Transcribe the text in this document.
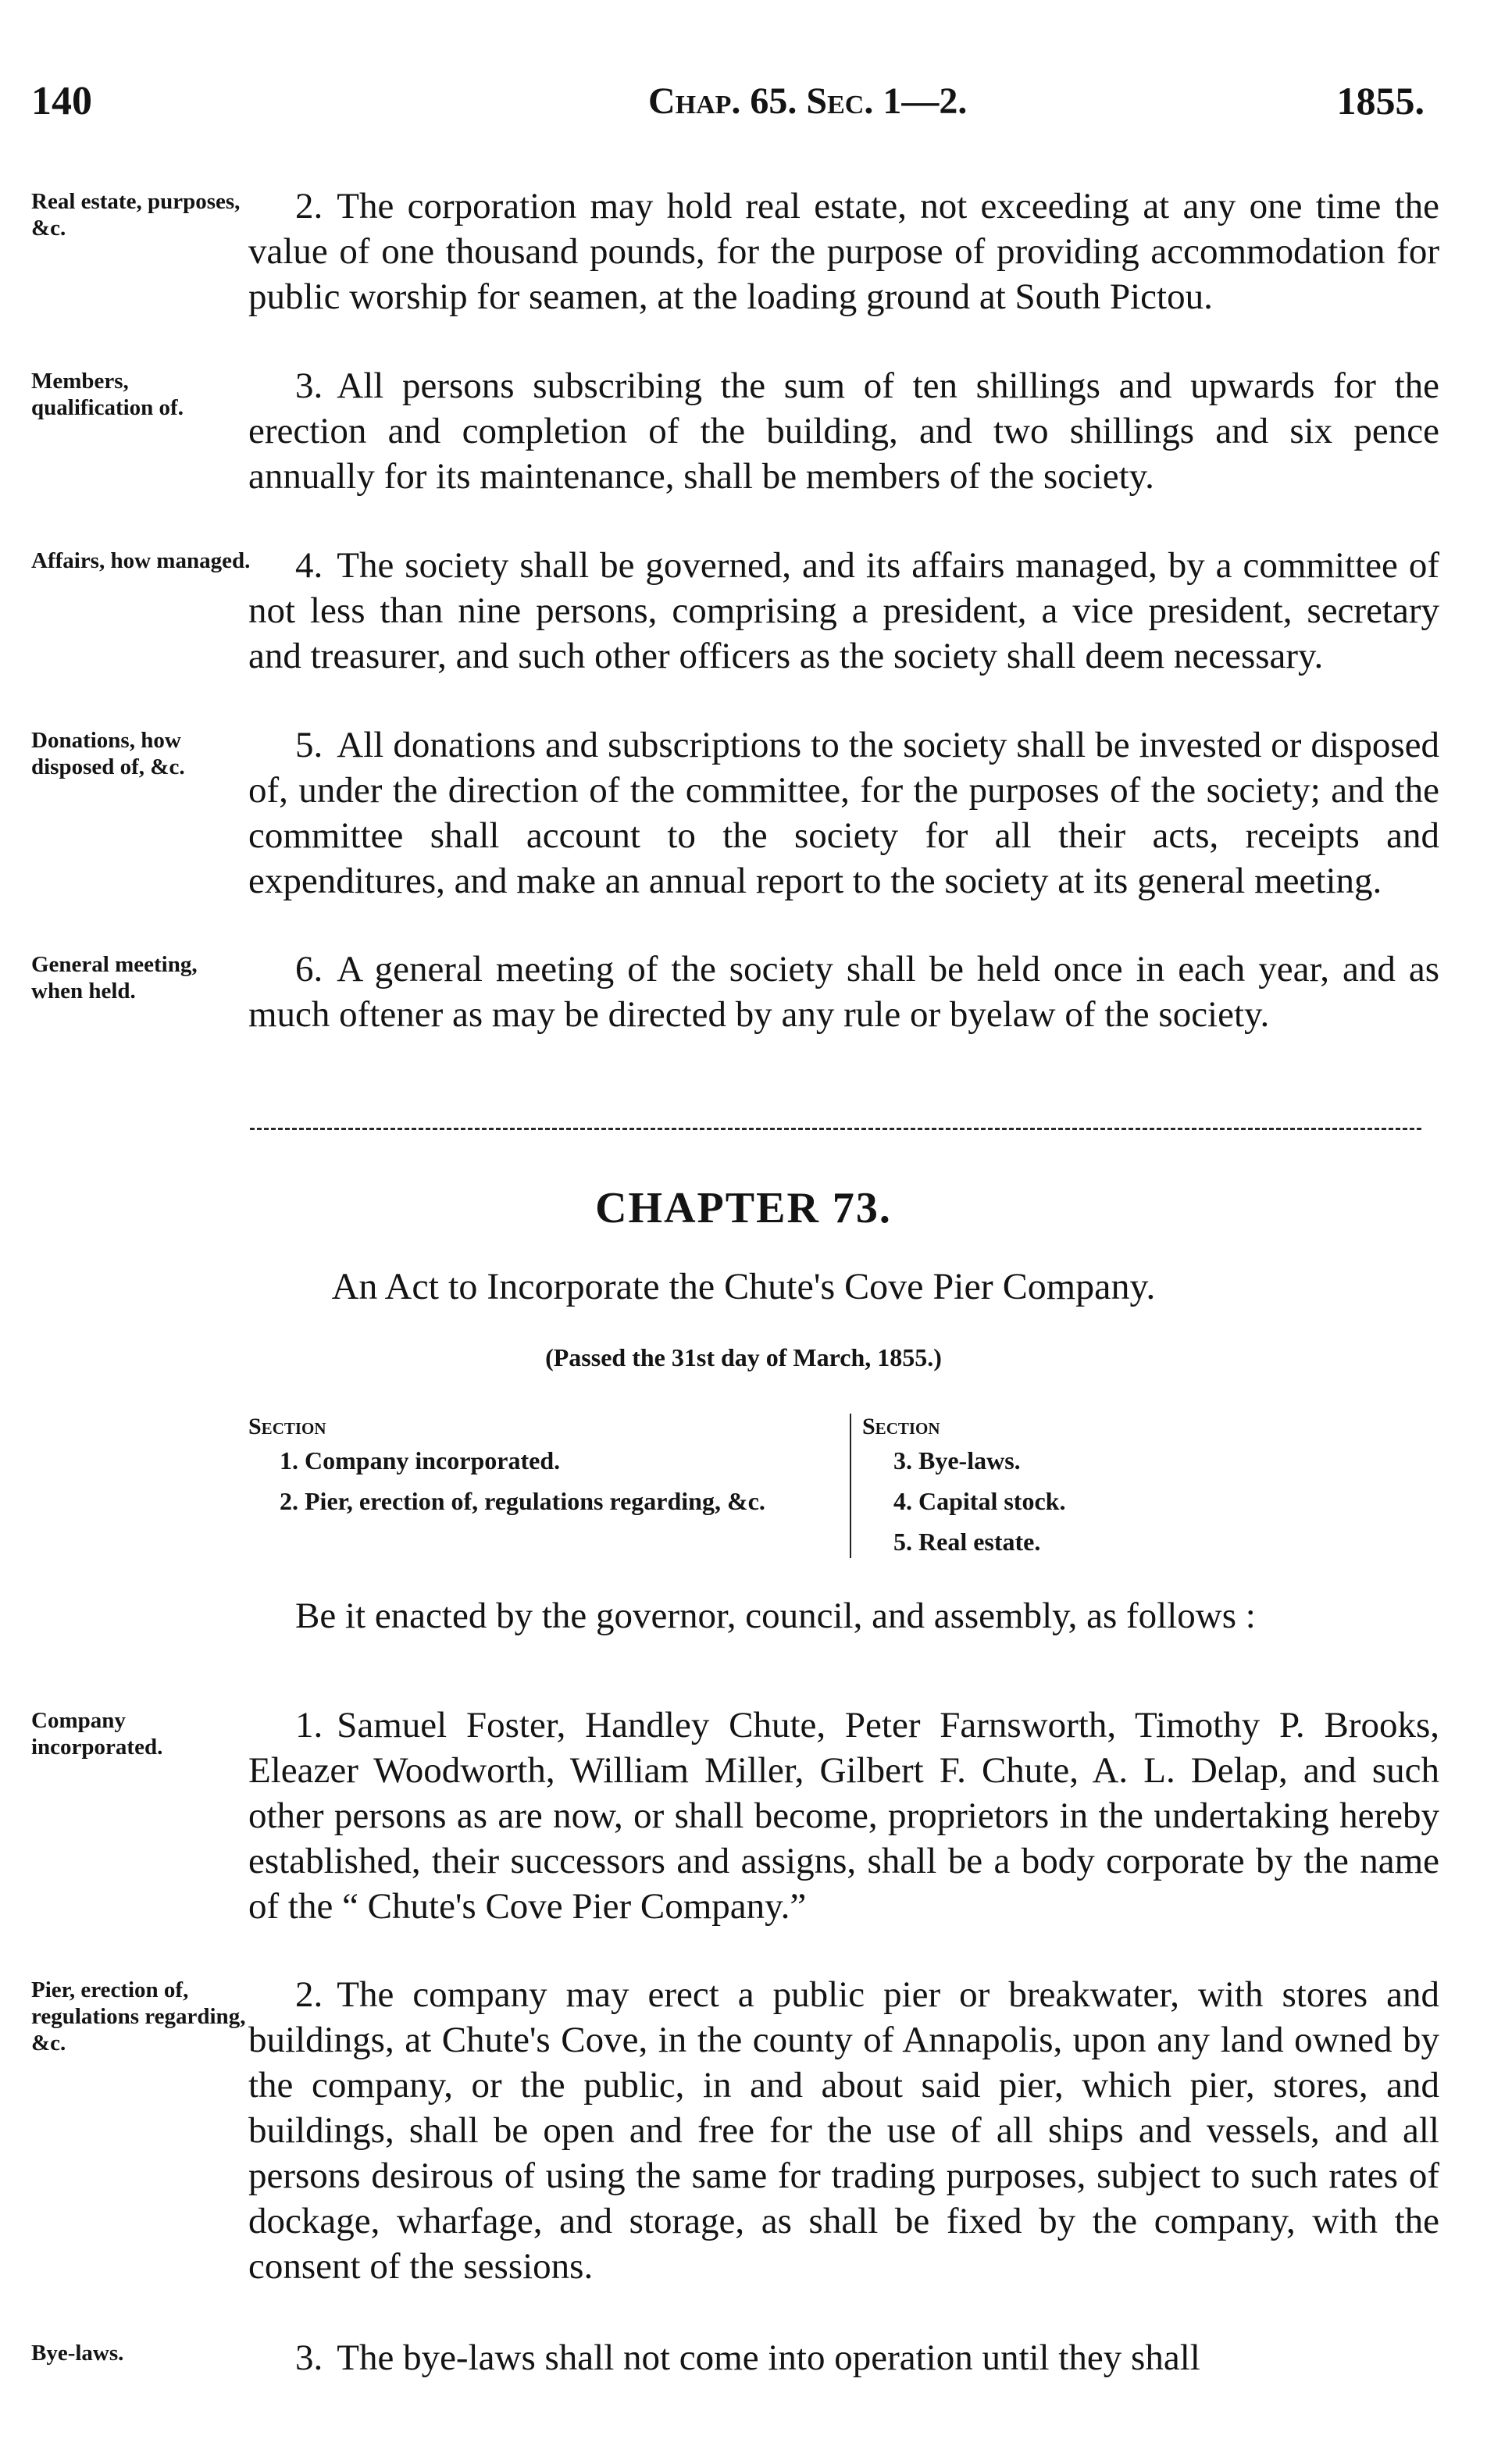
140	Chap. 65. Sec. 1—2.	1855.
Real estate, purposes, &c.
2. The corporation may hold real estate, not exceeding at any one time the value of one thousand pounds, for the purpose of providing accommodation for public worship for seamen, at the loading ground at South Pictou.
Members, qualification of.
3. All persons subscribing the sum of ten shillings and upwards for the erection and completion of the building, and two shillings and six pence annually for its maintenance, shall be members of the society.
Affairs, how managed.	4. The society shall be governed, and its affairs managed, by a committee of not less than nine persons, comprising a president, a vice president, secretary and treasurer, and such other officers as the society shall deem necessary.
Donations, how disposed of, &c.
5. All donations and subscriptions to the society shall be invested or disposed of, under the direction of the committee, for the purposes of the society; and the committee shall account to the society for all their acts, receipts and expenditures, and make an annual report to the society at its general meeting.
General meeting, when held.
6. A general meeting of the society shall be held once in each year, and as much oftener as may be directed by any rule or byelaw of the society.
CHAPTER 73.
An Act to Incorporate the Chute's Cove Pier Company.
(Passed the 31st day of March, 1855.)
Section
1. Company incorporated.
2. Pier, erection of, regulations regarding, &c.
Section
3. Bye-laws.
4. Capital stock.
5. Real estate.
Be it enacted by the governor, council, and assembly, as follows :
Company incorporated.
1. Samuel Foster, Handley Chute, Peter Farnsworth, Timothy P. Brooks, Eleazer Woodworth, William Miller, Gilbert F. Chute, A. L. Delap, and such other persons as are now, or shall become, proprietors in the undertaking hereby established, their successors and assigns, shall be a body corporate by the name of the “ Chute's Cove Pier Company.”
Pier, erection of, regulations regarding, &c.
2. The company may erect a public pier or breakwater, with stores and buildings, at Chute's Cove, in the county of Annapolis, upon any land owned by the company, or the public, in and about said pier, which pier, stores, and buildings, shall be open and free for the use of all ships and vessels, and all persons desirous of using the same for trading purposes, subject to such rates of dockage, wharfage, and storage, as shall be fixed by the company, with the consent of the sessions.
Bye-laws.	3. The bye-laws shall not come into operation until they shall
